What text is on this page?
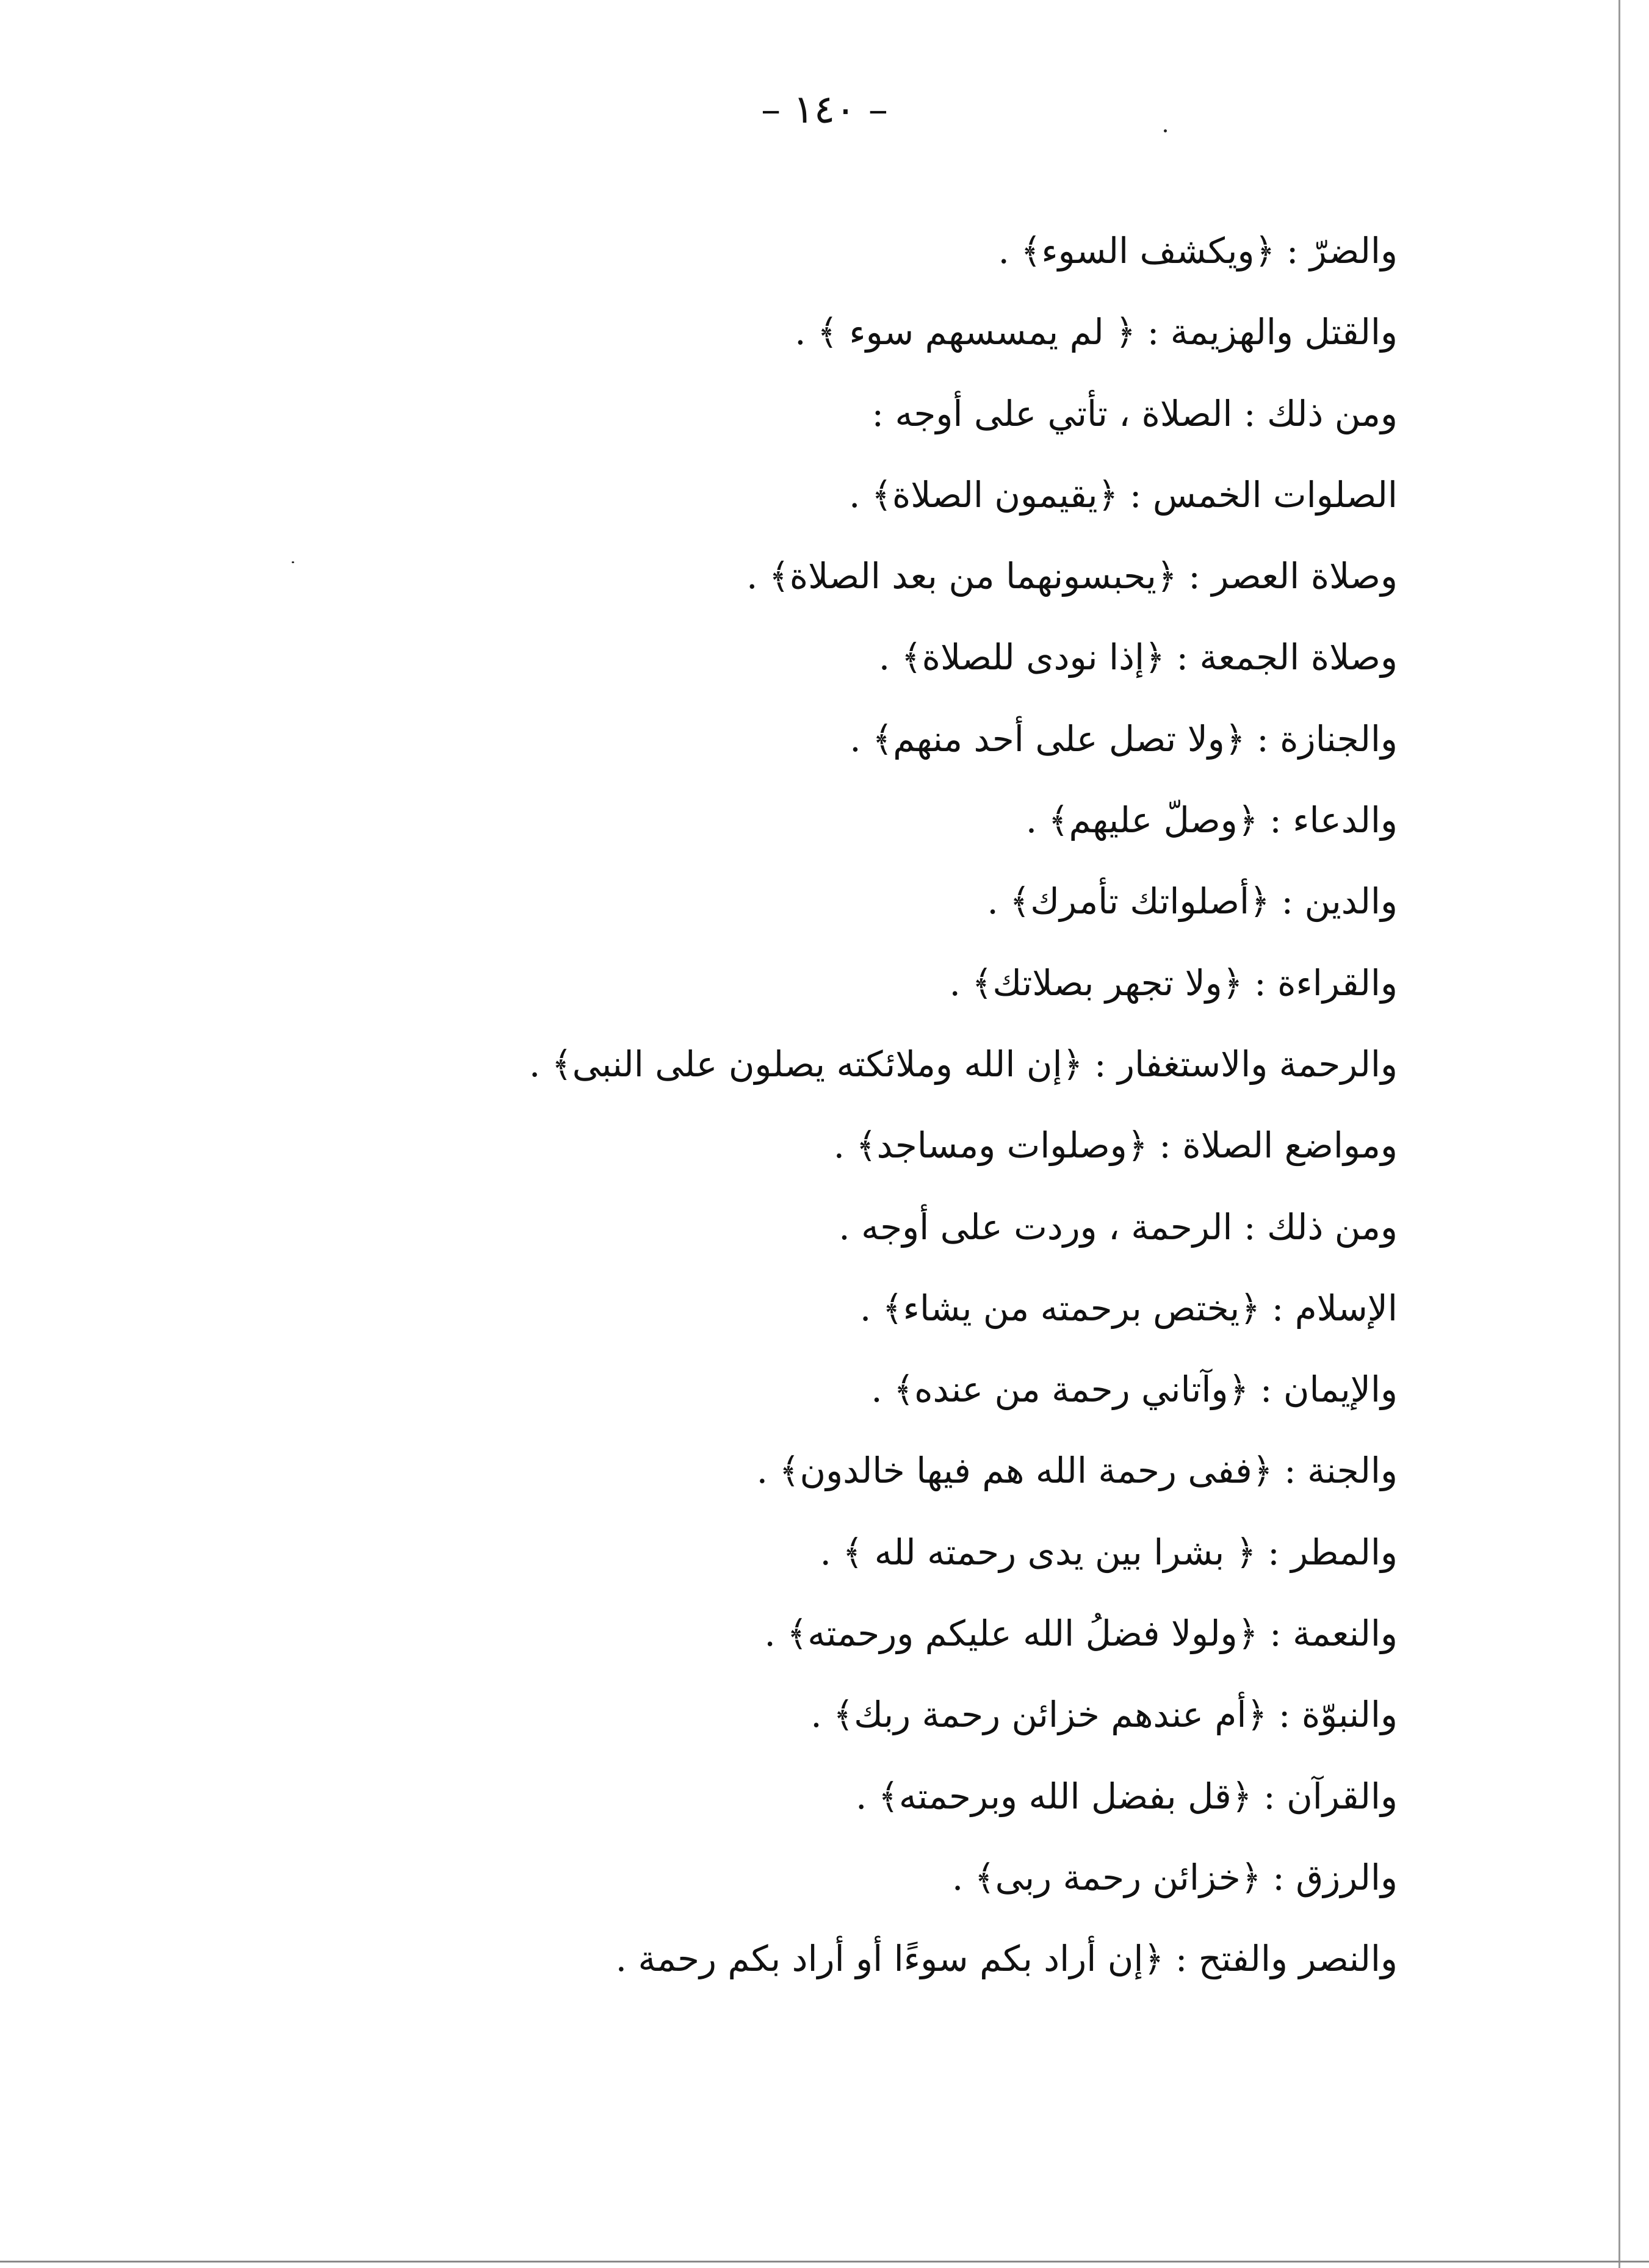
– ١٤٠ –
والضرّ : ﴿ويكشف السوء﴾ .
والقتل والهزيمة : ﴿ لم يمسسهم سوء ﴾ .
ومن ذلك : الصلاة ، تأتي على أوجه :
الصلوات الخمس : ﴿يقيمون الصلاة﴾ .
وصلاة العصر : ﴿يحبسونهما من بعد الصلاة﴾ .
وصلاة الجمعة : ﴿إذا نودى للصلاة﴾ .
والجنازة : ﴿ولا تصل على أحد منهم﴾ .
والدعاء : ﴿وصلّ عليهم﴾ .
والدين : ﴿أصلواتك تأمرك﴾ .
والقراءة : ﴿ولا تجهر بصلاتك﴾ .
والرحمة والاستغفار : ﴿إن الله وملائكته يصلون على النبى﴾ .
ومواضع الصلاة : ﴿وصلوات ومساجد﴾ .
ومن ذلك : الرحمة ، وردت على أوجه .
الإسلام : ﴿يختص برحمته من يشاء﴾ .
والإيمان : ﴿وآتاني رحمة من عنده﴾ .
والجنة : ﴿ففى رحمة الله هم فيها خالدون﴾ .
والمطر : ﴿ بشرا بين يدى رحمته لله ﴾ .
والنعمة : ﴿ولولا فضلُ الله عليكم ورحمته﴾ .
والنبوّة : ﴿أم عندهم خزائن رحمة ربك﴾ .
والقرآن : ﴿قل بفضل الله وبرحمته﴾ .
والرزق : ﴿خزائن رحمة ربى﴾ .
والنصر والفتح : ﴿إن أراد بكم سوءًا أو أراد بكم رحمة .
